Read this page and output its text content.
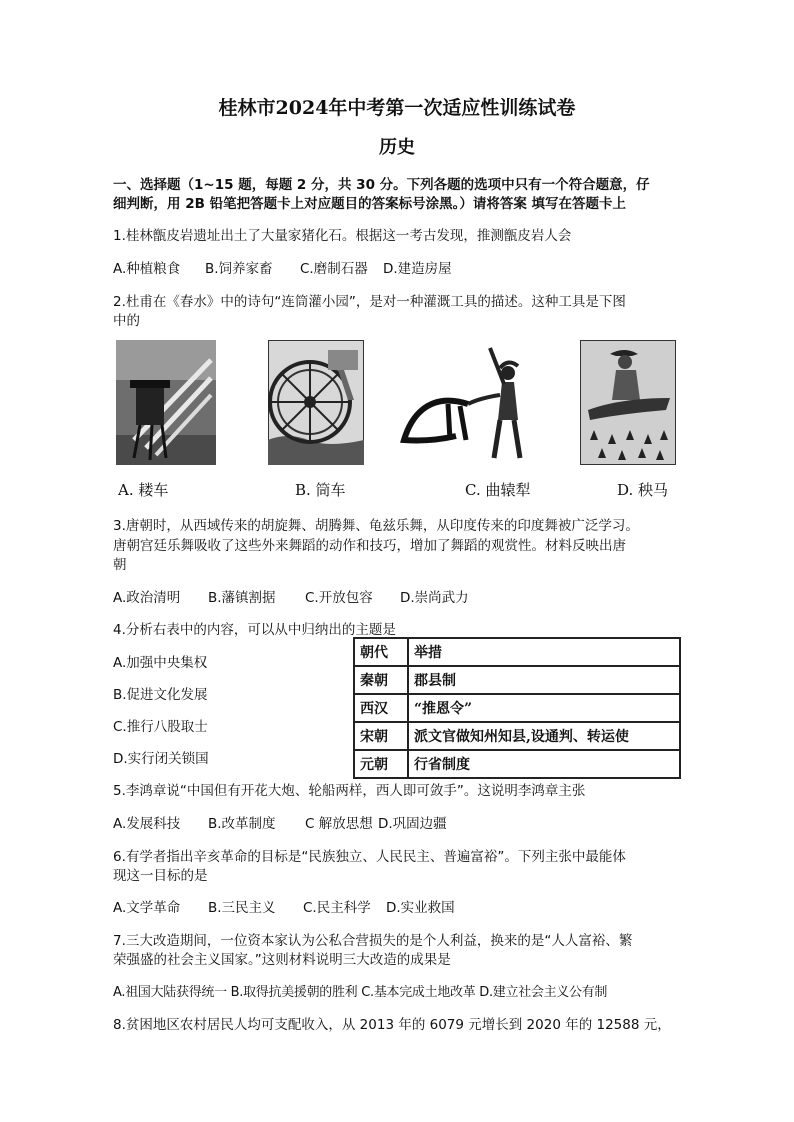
桂林市2024年中考第一次适应性训练试卷
历史
一、选择题（1~15 题，每题 2 分，共 30 分。下列各题的选项中只有一个符合题意，仔
细判断，用 2B 铅笔把答题卡上对应题目的答案标号涂黑。）请将答案 填写在答题卡上
1.桂林甑皮岩遗址出土了大量家猪化石。根据这一考古发现，推测甑皮岩人会
A.种植粮食 B.饲养家畜 C.磨制石器 D.建造房屋
2.杜甫在《春水》中的诗句“连筒灌小园”，是对一种灌溉工具的描述。这种工具是下图
中的
A. 耧车	B. 筒车	C. 曲辕犁	D. 秧马
3.唐朝时，从西域传来的胡旋舞、胡腾舞、龟兹乐舞，从印度传来的印度舞被广泛学习。
唐朝宫廷乐舞吸收了这些外来舞蹈的动作和技巧，增加了舞蹈的观赏性。材料反映出唐
朝
A.政治清明 B.藩镇割据 C.开放包容 D.崇尚武力
4.分析右表中的内容，可以从中归纳出的主题是
A.加强中央集权
B.促进文化发展
C.推行八股取士
D.实行闭关锁国
朝代	举措
秦朝	郡县制
西汉	“推恩令”
宋朝	派文官做知州知县,设通判、转运使
元朝	行省制度
5.李鸿章说“中国但有开花大炮、轮船两样，西人即可敛手”。这说明李鸿章主张
A.发展科技 B.改革制度 C 解放思想 D.巩固边疆
6.有学者指出辛亥革命的目标是“民族独立、人民民主、普遍富裕”。下列主张中最能体
现这一目标的是
A.文学革命 B.三民主义 C.民主科学 D.实业救国
7.三大改造期间，一位资本家认为公私合营损失的是个人利益，换来的是“人人富裕、繁
荣强盛的社会主义国家。”这则材料说明三大改造的成果是
A.祖国大陆获得统一 B.取得抗美援朝的胜利 C.基本完成土地改革 D.建立社会主义公有制
8.贫困地区农村居民人均可支配收入，从 2013 年的 6079 元增长到 2020 年的 12588 元，
